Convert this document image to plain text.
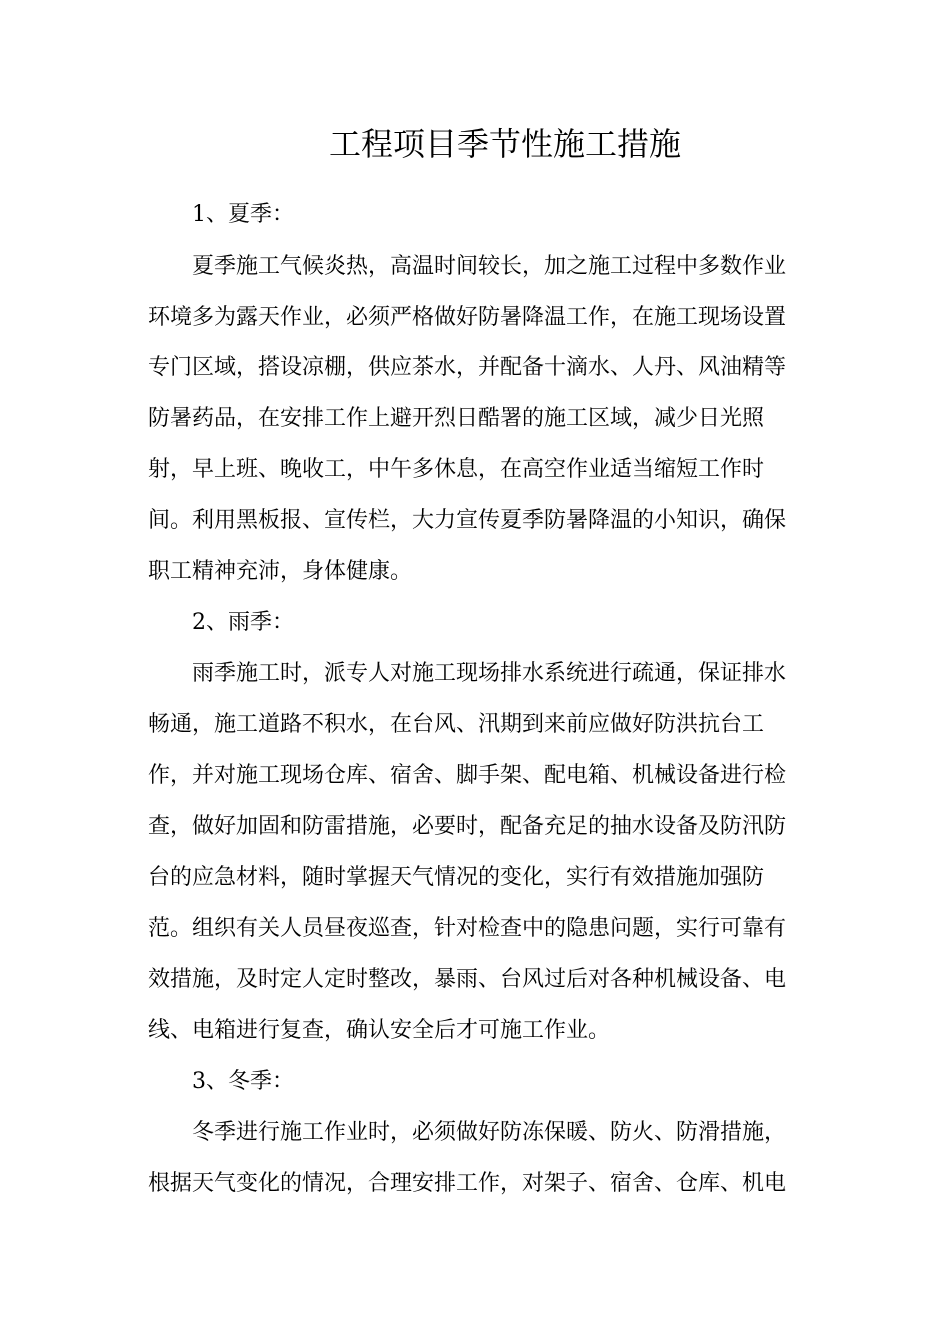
工程项目季节性施工措施
1、夏季：
夏季施工气候炎热，高温时间较长，加之施工过程中多数作业
环境多为露天作业，必须严格做好防暑降温工作，在施工现场设置
专门区域，搭设凉棚，供应茶水，并配备十滴水、人丹、风油精等
防暑药品，在安排工作上避开烈日酷署的施工区域，减少日光照
射，早上班、晚收工，中午多休息，在高空作业适当缩短工作时
间。利用黑板报、宣传栏，大力宣传夏季防暑降温的小知识，确保
职工精神充沛，身体健康。
2、雨季：
雨季施工时，派专人对施工现场排水系统进行疏通，保证排水
畅通，施工道路不积水，在台风、汛期到来前应做好防洪抗台工
作，并对施工现场仓库、宿舍、脚手架、配电箱、机械设备进行检
查，做好加固和防雷措施，必要时，配备充足的抽水设备及防汛防
台的应急材料，随时掌握天气情况的变化，实行有效措施加强防
范。组织有关人员昼夜巡查，针对检查中的隐患问题，实行可靠有
效措施，及时定人定时整改，暴雨、台风过后对各种机械设备、电
线、电箱进行复查，确认安全后才可施工作业。
3、冬季：
冬季进行施工作业时，必须做好防冻保暖、防火、防滑措施，
根据天气变化的情况，合理安排工作，对架子、宿舍、仓库、机电
